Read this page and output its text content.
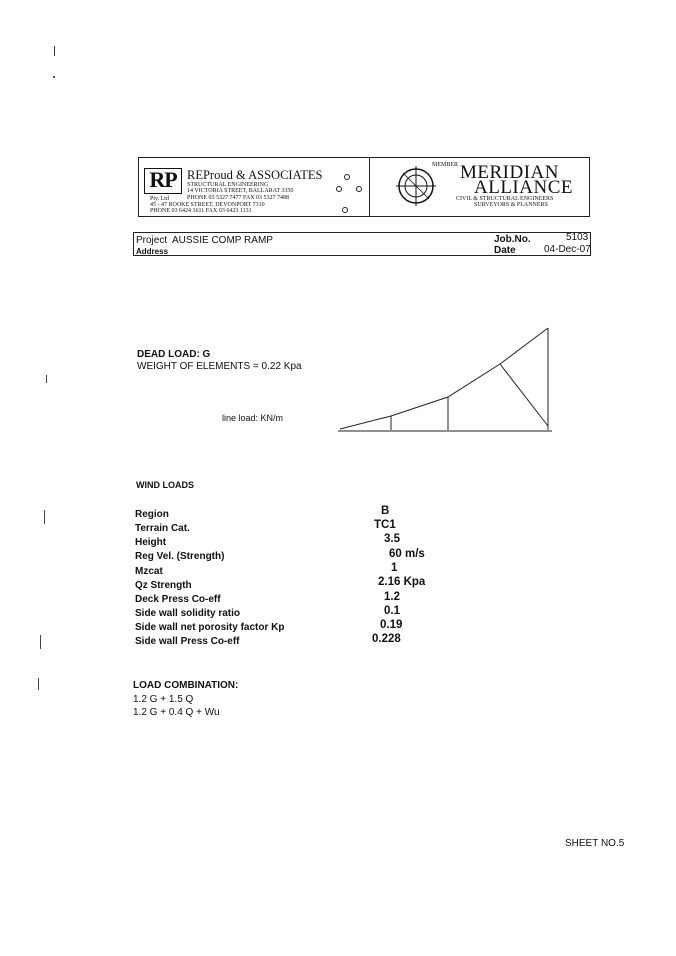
RP REProud & ASSOCIATES
STRUCTURAL ENGINEERING
14 VICTORIA STREET, BALLARAT 3350
Pty. Ltd	PHONE 03 5327 7477 FAX 03 5327 7488
45 - 47 ROOKE STREET, DEVONPORT 7310
PHONE 03 6424 1611 FAX 03 6423 1131
MEMBER MERIDIAN
ALLIANCE
CIVIL & STRUCTURAL ENGINEERS
SURVEYORS & PLANNERS
Project AUSSIE COMP RAMP
Address
Job.No.	5103
Date	04-Dec-07
DEAD LOAD: G
WEIGHT OF ELEMENTS = 0.22 Kpa
line load: KN/m
WIND LOADS
Region	B
Terrain Cat.	TC1
Height	3.5
Reg Vel. (Strength)	60 m/s
Mzcat	1
Qz Strength	2.16 Kpa
Deck Press Co-eff	1.2
Side wall solidity ratio	0.1
Side wall net porosity factor Kp	0.19
Side wall Press Co-eff	0.228
LOAD COMBINATION:
1.2 G + 1.5 Q
1.2 G + 0.4 Q + Wu
SHEET NO.5
